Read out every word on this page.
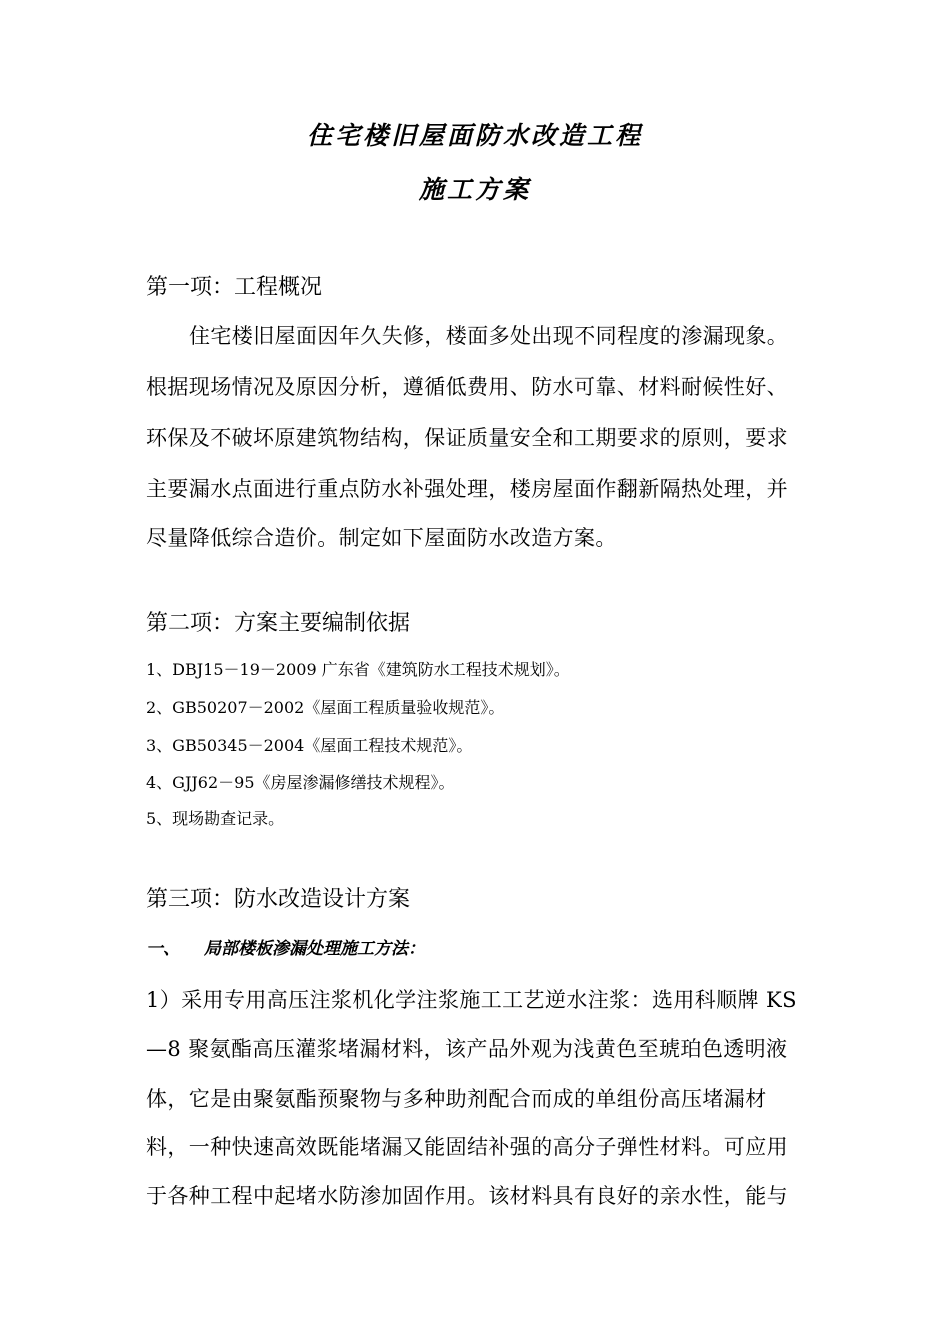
住宅楼旧屋面防水改造工程
施工方案
第一项：工程概况
住宅楼旧屋面因年久失修，楼面多处出现不同程度的渗漏现象。
根据现场情况及原因分析，遵循低费用、防水可靠、材料耐候性好、
环保及不破坏原建筑物结构，保证质量安全和工期要求的原则，要求
主要漏水点面进行重点防水补强处理，楼房屋面作翻新隔热处理，并
尽量降低综合造价。制定如下屋面防水改造方案。
第二项：方案主要编制依据
1、DBJ15－19－2009 广东省《建筑防水工程技术规划》。
2、GB50207－2002《屋面工程质量验收规范》。
3、GB50345－2004《屋面工程技术规范》。
4、GJJ62－95《房屋渗漏修缮技术规程》。
5、现场勘查记录。
第三项：防水改造设计方案
一、 局部楼板渗漏处理施工方法：
1）采用专用高压注浆机化学注浆施工工艺逆水注浆：选用科顺牌 KS
—8 聚氨酯高压灌浆堵漏材料，该产品外观为浅黄色至琥珀色透明液
体，它是由聚氨酯预聚物与多种助剂配合而成的单组份高压堵漏材
料，一种快速高效既能堵漏又能固结补强的高分子弹性材料。可应用
于各种工程中起堵水防渗加固作用。该材料具有良好的亲水性，能与
